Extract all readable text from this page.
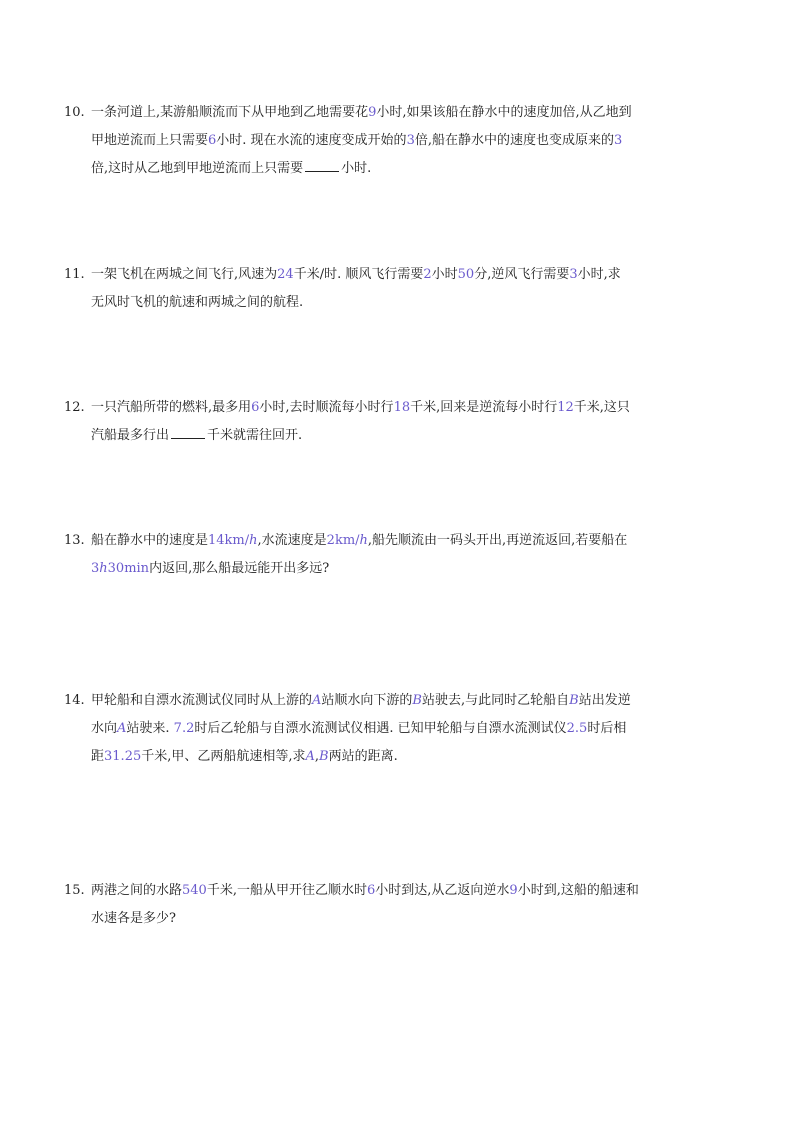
10. 一条河道上,某游船顺流而下从甲地到乙地需要花9小时,如果该船在静水中的速度加倍,从乙地到
甲地逆流而上只需要6小时. 现在水流的速度变成开始的3倍,船在静水中的速度也变成原来的3
倍,这时从乙地到甲地逆流而上只需要	小时.
11. 一架飞机在两城之间飞行,风速为24千米/时. 顺风飞行需要2小时50分,逆风飞行需要3小时,求
无风时飞机的航速和两城之间的航程.
12. 一只汽船所带的燃料,最多用6小时,去时顺流每小时行18千米,回来是逆流每小时行12千米,这只
汽船最多行出	千米就需往回开.
13. 船在静水中的速度是14km/h,水流速度是2km/h,船先顺流由一码头开出,再逆流返回,若要船在
3h30min内返回,那么船最远能开出多远?
14. 甲轮船和自漂水流测试仪同时从上游的A站顺水向下游的B站驶去,与此同时乙轮船自B站出发逆
水向A站驶来. 7.2时后乙轮船与自漂水流测试仪相遇. 已知甲轮船与自漂水流测试仪2.5时后相
距31.25千米,甲、乙两船航速相等,求A,B两站的距离.
15. 两港之间的水路540千米,一船从甲开往乙顺水时6小时到达,从乙返向逆水9小时到,这船的船速和
水速各是多少?
